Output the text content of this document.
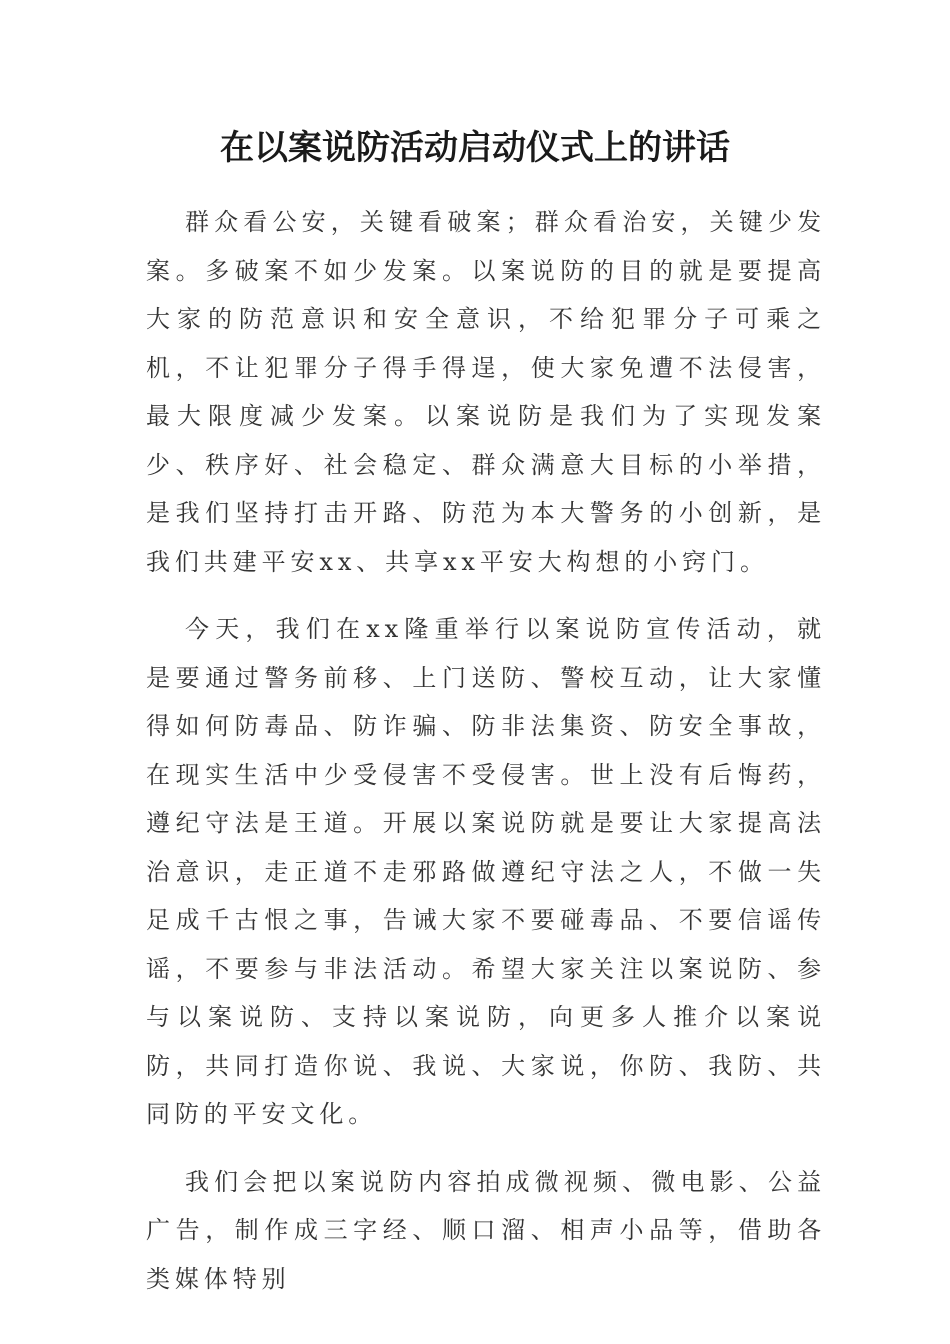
在以案说防活动启动仪式上的讲话

群众看公安，关键看破案；群众看治安，关键少发案。多破案不如少发案。以案说防的目的就是要提高大家的防范意识和安全意识，不给犯罪分子可乘之机，不让犯罪分子得手得逞，使大家免遭不法侵害，最大限度减少发案。以案说防是我们为了实现发案少、秩序好、社会稳定、群众满意大目标的小举措，是我们坚持打击开路、防范为本大警务的小创新，是我们共建平安xx、共享xx平安大构想的小窍门。

今天，我们在xx隆重举行以案说防宣传活动，就是要通过警务前移、上门送防、警校互动，让大家懂得如何防毒品、防诈骗、防非法集资、防安全事故，在现实生活中少受侵害不受侵害。世上没有后悔药，遵纪守法是王道。开展以案说防就是要让大家提高法治意识，走正道不走邪路做遵纪守法之人，不做一失足成千古恨之事，告诫大家不要碰毒品、不要信谣传谣，不要参与非法活动。希望大家关注以案说防、参与以案说防、支持以案说防，向更多人推介以案说防，共同打造你说、我说、大家说，你防、我防、共同防的平安文化。

我们会把以案说防内容拍成微视频、微电影、公益广告，制作成三字经、顺口溜、相声小品等，借助各类媒体特别
